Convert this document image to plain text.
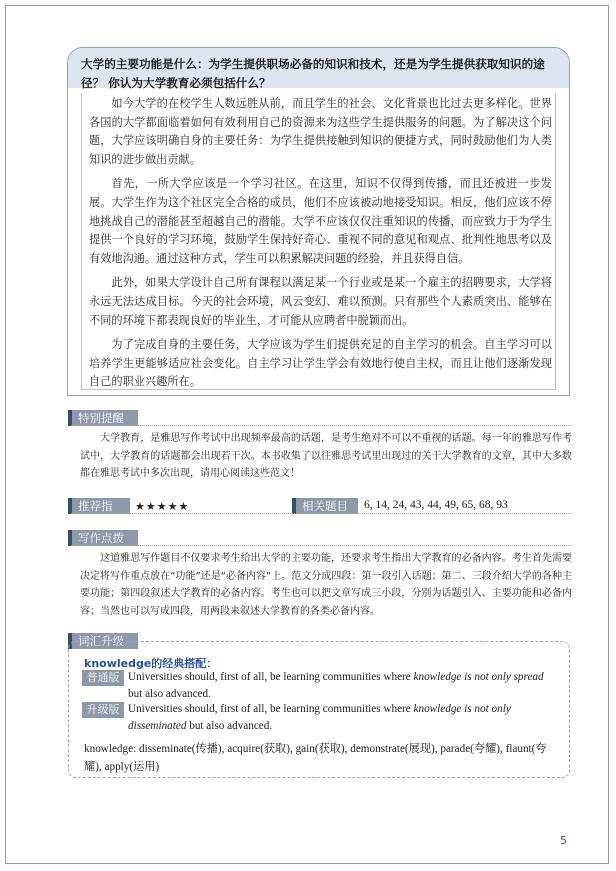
大学的主要功能是什么：为学生提供职场必备的知识和技术，还是为学生提供获取知识的途径？ 你认为大学教育必须包括什么？

如今大学的在校学生人数远胜从前，而且学生的社会、文化背景也比过去更多样化。世界各国的大学都面临着如何有效利用自己的资源来为这些学生提供服务的问题。为了解决这个问题，大学应该明确自身的主要任务：为学生提供接触到知识的便捷方式，同时鼓励他们为人类知识的进步做出贡献。

首先，一所大学应该是一个学习社区。在这里，知识不仅得到传播，而且还被进一步发展。大学生作为这个社区完全合格的成员，他们不应该被动地接受知识。相反，他们应该不停地挑战自己的潜能甚至超越自己的潜能。大学不应该仅仅注重知识的传播，而应致力于为学生提供一个良好的学习环境，鼓励学生保持好奇心、重视不同的意见和观点、批判性地思考以及有效地沟通。通过这种方式，学生可以积累解决问题的经验，并且获得自信。

此外，如果大学设计自己所有课程以满足某一个行业或是某一个雇主的招聘要求，大学将永远无法达成目标。今天的社会环境，风云变幻、难以预测。只有那些个人素质突出、能够在不同的环境下都表现良好的毕业生，才可能从应聘者中脱颖而出。

为了完成自身的主要任务，大学应该为学生们提供充足的自主学习的机会。自主学习可以培养学生更能够适应社会变化。自主学习让学生学会有效地行使自主权，而且让他们逐渐发现自己的职业兴趣所在。

特别提醒
大学教育，是雅思写作考试中出现频率最高的话题，是考生绝对不可以不重视的话题。每一年的雅思写作考试中，大学教育的话题都会出现若干次。本书收集了以往雅思考试里出现过的关于大学教育的文章，其中大多数都在雅思考试中多次出现，请用心阅读这些范文！
推荐指数
★★★★★	相关题目	6, 14, 24, 43, 44, 49, 65, 68, 93
写作点拨
这道雅思写作题目不仅要求考生给出大学的主要功能，还要求考生指出大学教育的必备内容。考生首先需要决定将写作重点放在“功能”还是“必备内容”上。范文分成四段：第一段引入话题；第二、三段介绍大学的各种主要功能；第四段叙述大学教育的必备内容。考生也可以把文章写成三小段，分别为话题引入、主要功能和必备内容；当然也可以写成四段，用两段来叙述大学教育的各类必备内容。
词汇升级
knowledge的经典搭配：
普通版 Universities should, first of all, be learning communities where knowledge is not only spread but also advanced.
升级版 Universities should, first of all, be learning communities where knowledge is not only disseminated but also advanced.
knowledge: disseminate(传播), acquire(获取), gain(获取), demonstrate(展现), parade(夸耀), flaunt(夸耀), apply(运用)
5
